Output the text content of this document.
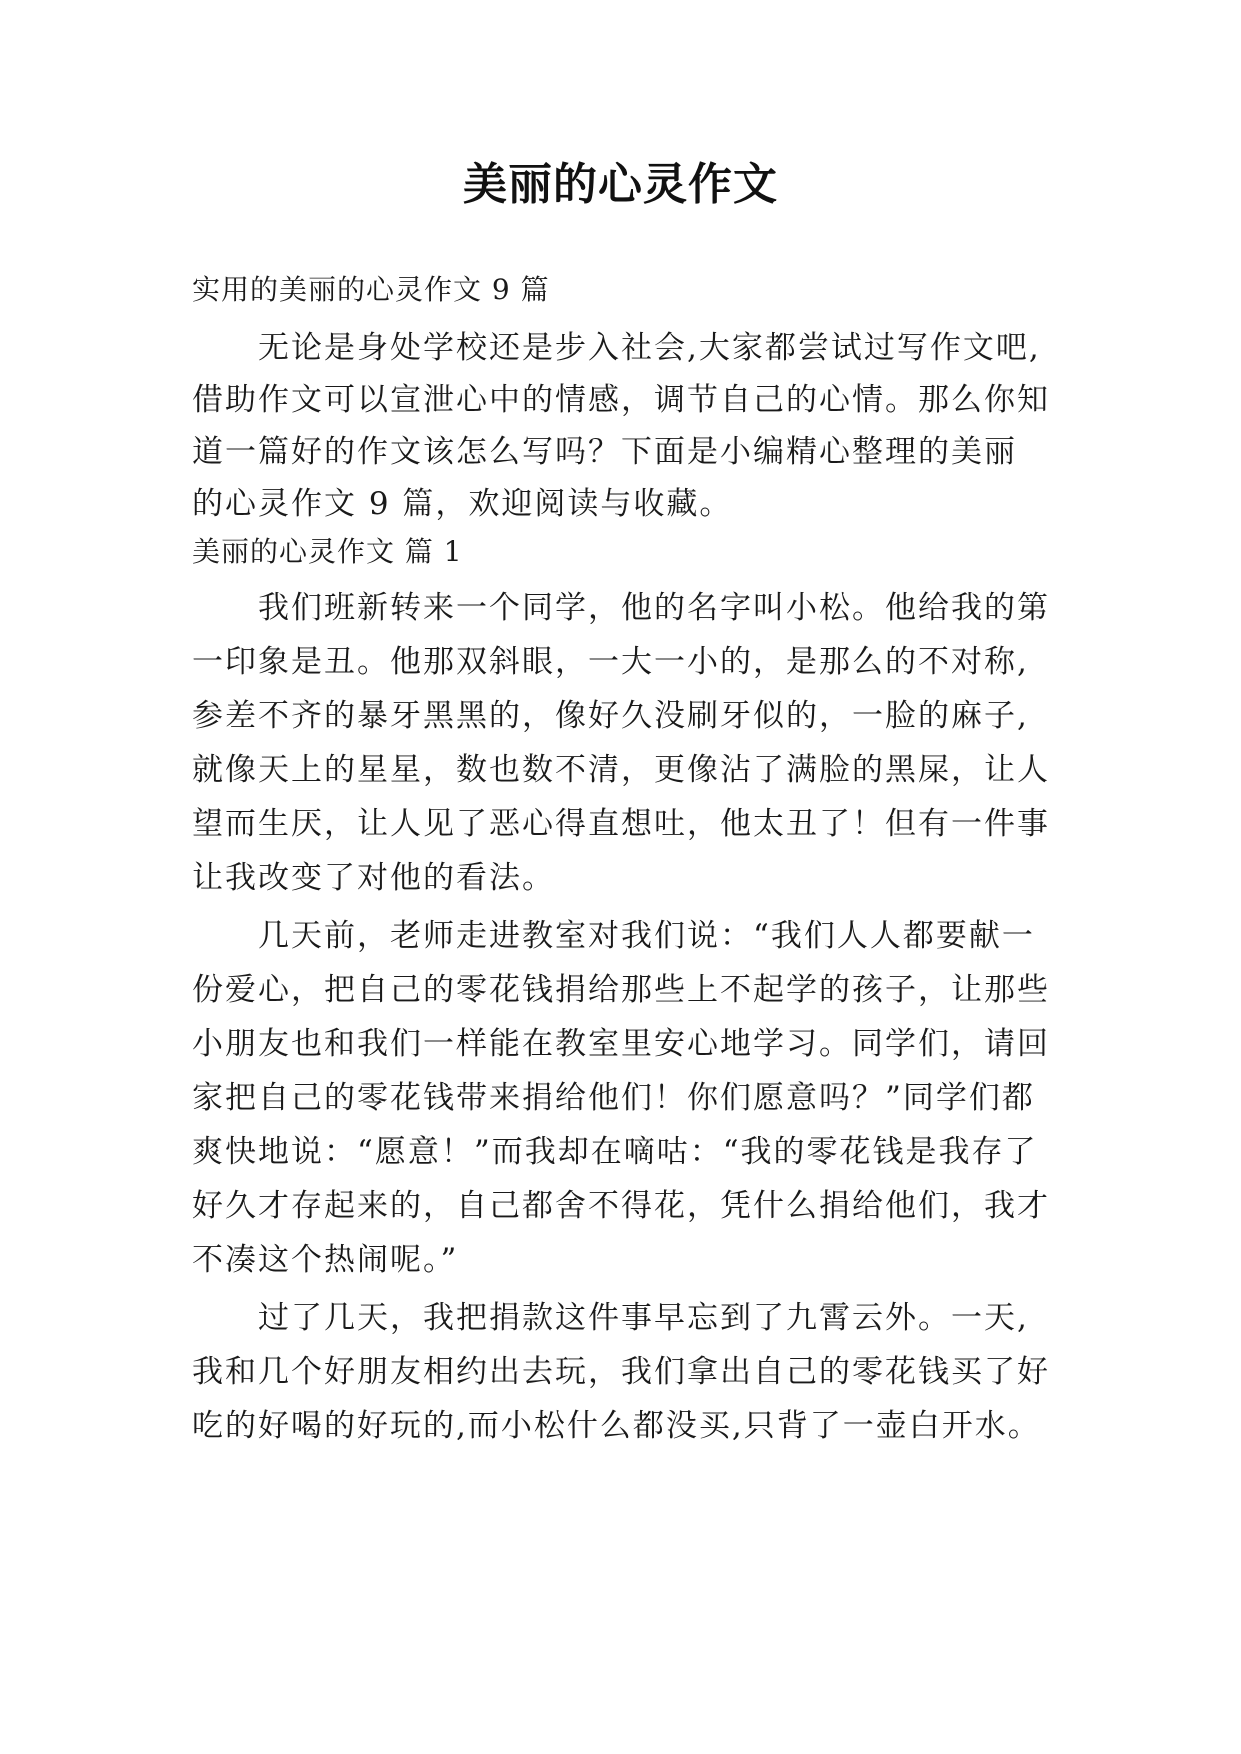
美丽的心灵作文
实用的美丽的心灵作文 9 篇
无论是身处学校还是步入社会,大家都尝试过写作文吧,
借助作文可以宣泄心中的情感，调节自己的心情。那么你知
道一篇好的作文该怎么写吗？下面是小编精心整理的美丽
的心灵作文 9 篇，欢迎阅读与收藏。
美丽的心灵作文 篇 1
我们班新转来一个同学，他的名字叫小松。他给我的第
一印象是丑。他那双斜眼，一大一小的，是那么的不对称,
参差不齐的暴牙黑黑的，像好久没刷牙似的，一脸的麻子,
就像天上的星星，数也数不清，更像沾了满脸的黑屎，让人
望而生厌，让人见了恶心得直想吐，他太丑了！但有一件事
让我改变了对他的看法。
几天前，老师走进教室对我们说：“我们人人都要献一
份爱心，把自己的零花钱捐给那些上不起学的孩子，让那些
小朋友也和我们一样能在教室里安心地学习。同学们，请回
家把自己的零花钱带来捐给他们！你们愿意吗？”同学们都
爽快地说：“愿意！”而我却在嘀咕：“我的零花钱是我存了
好久才存起来的，自己都舍不得花，凭什么捐给他们，我才
不凑这个热闹呢。”
过了几天，我把捐款这件事早忘到了九霄云外。一天,
我和几个好朋友相约出去玩，我们拿出自己的零花钱买了好
吃的好喝的好玩的,而小松什么都没买,只背了一壶白开水。
